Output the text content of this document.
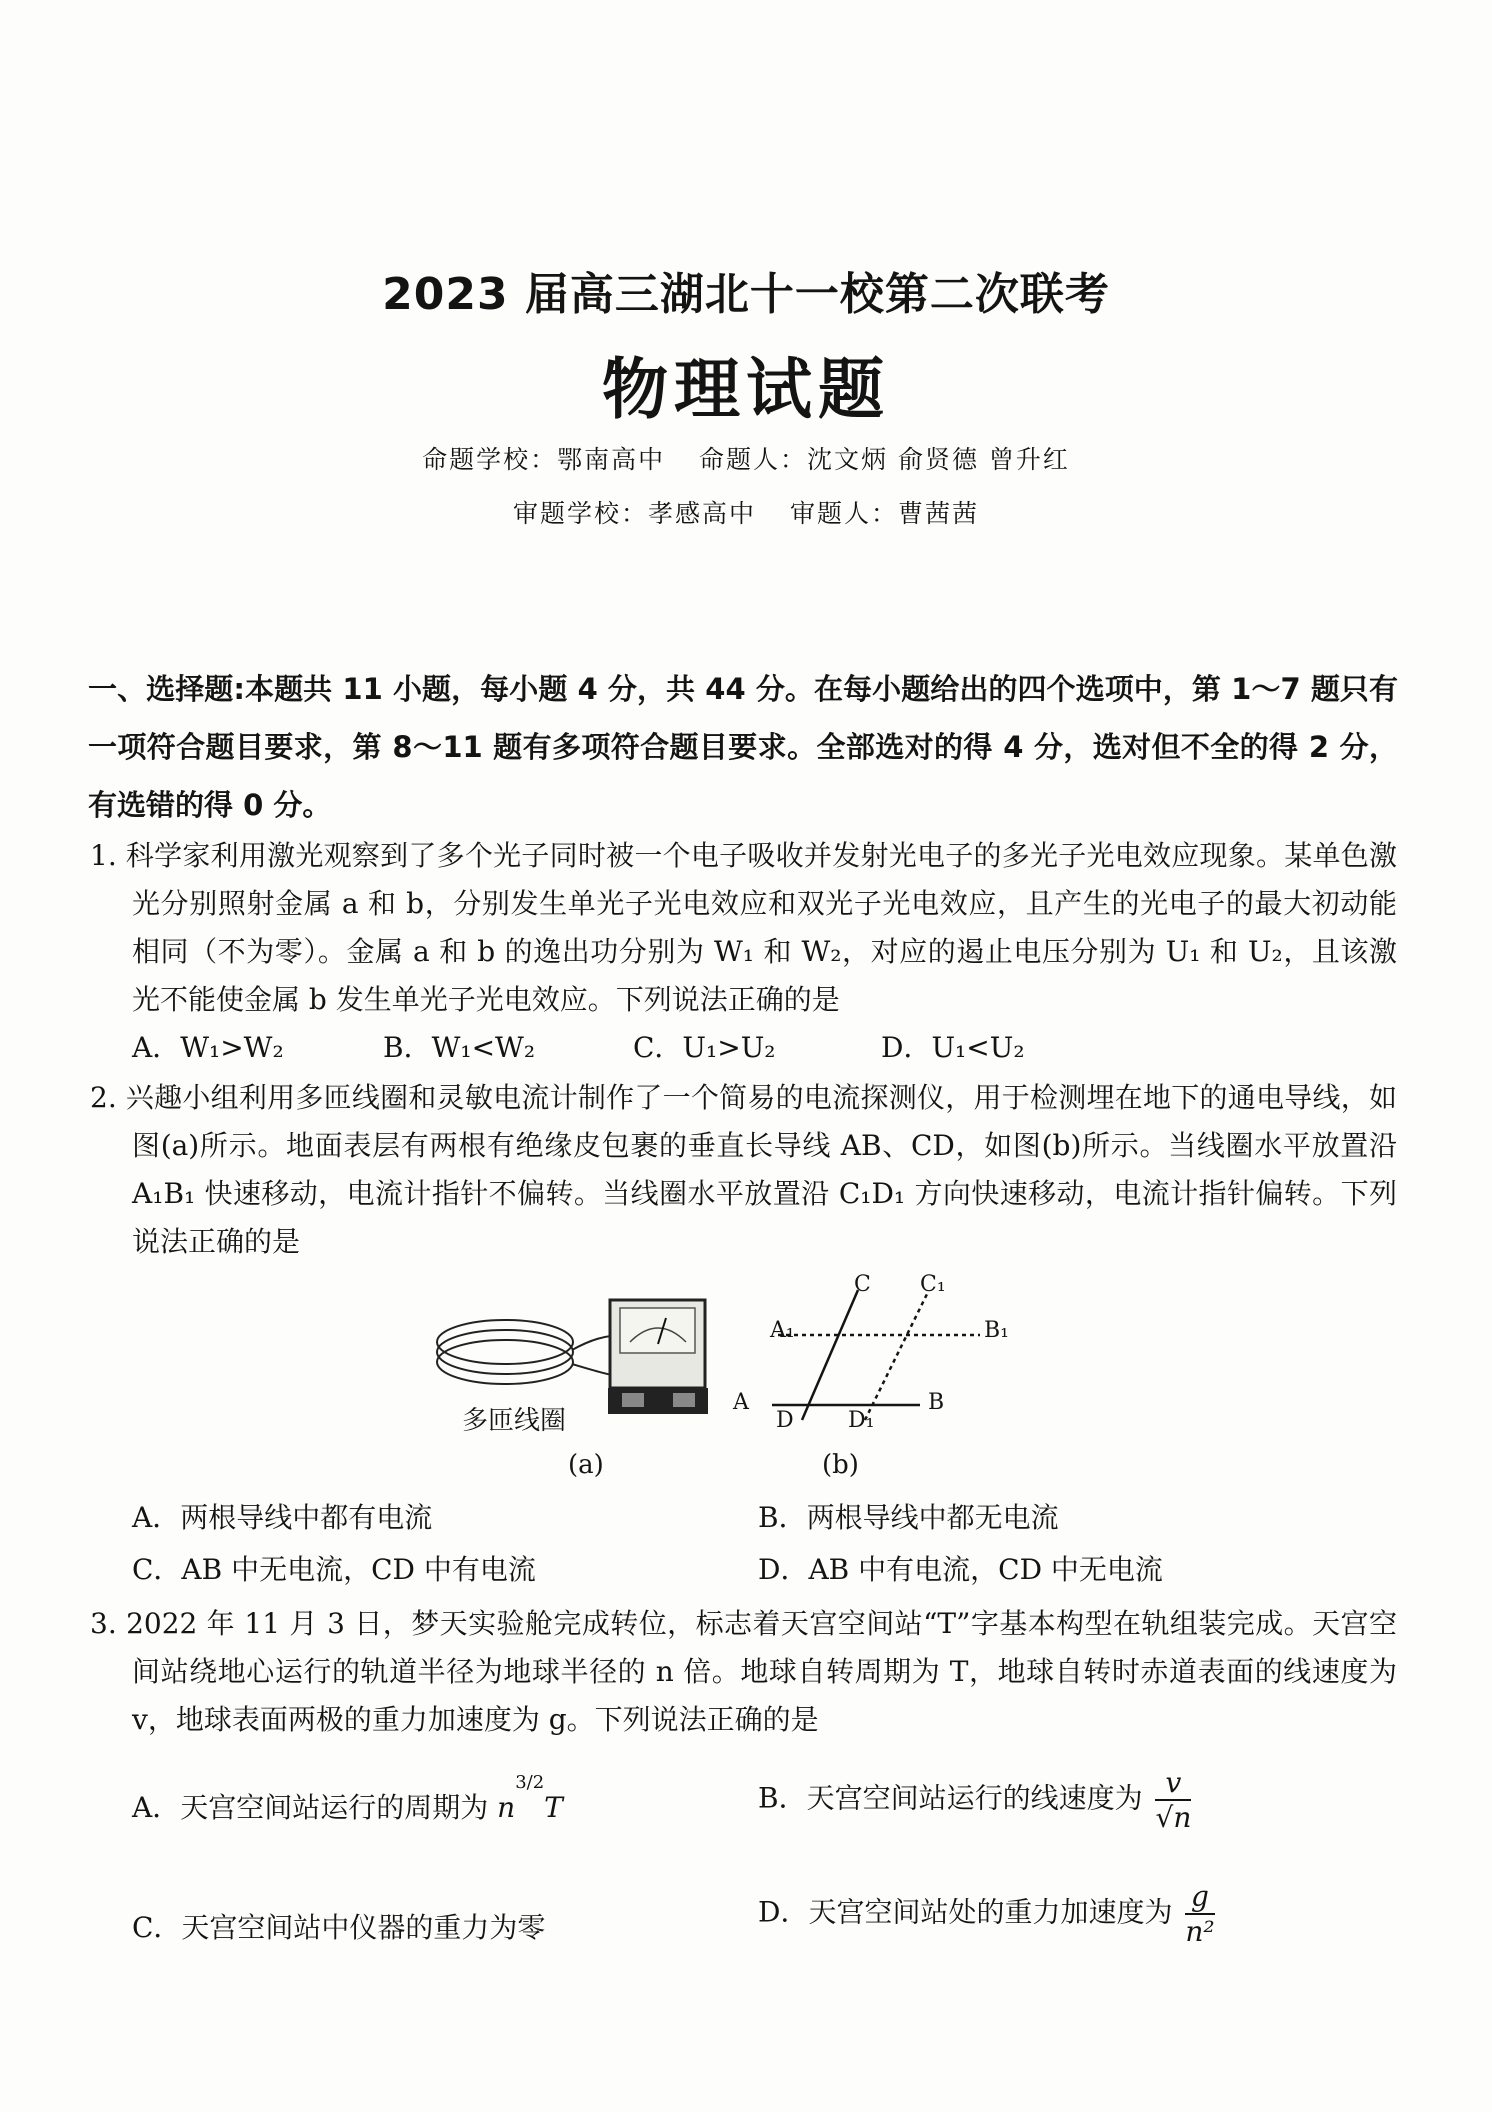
2023 届高三湖北十一校第二次联考
物理试题
命题学校：鄂南高中 命题人：沈文炳 俞贤德 曾升红
审题学校：孝感高中 审题人：曹茜茜
一、选择题:本题共 11 小题，每小题 4 分，共 44 分。在每小题给出的四个选项中，第 1～7 题只有一项符合题目要求，第 8～11 题有多项符合题目要求。全部选对的得 4 分，选对但不全的得 2 分，有选错的得 0 分。
1. 科学家利用激光观察到了多个光子同时被一个电子吸收并发射光电子的多光子光电效应现象。某单色激光分别照射金属 a 和 b，分别发生单光子光电效应和双光子光电效应，且产生的光电子的最大初动能相同（不为零）。金属 a 和 b 的逸出功分别为 W₁ 和 W₂，对应的遏止电压分别为 U₁ 和 U₂，且该激光不能使金属 b 发生单光子光电效应。下列说法正确的是
A．W₁>W₂	B．W₁<W₂	C．U₁>U₂	D．U₁<U₂
2. 兴趣小组利用多匝线圈和灵敏电流计制作了一个简易的电流探测仪，用于检测埋在地下的通电导线，如图(a)所示。地面表层有两根有绝缘皮包裹的垂直长导线 AB、CD，如图(b)所示。当线圈水平放置沿 A₁B₁ 快速移动，电流计指针不偏转。当线圈水平放置沿 C₁D₁ 方向快速移动，电流计指针偏转。下列说法正确的是
多匝线圈
(a)
C C₁
A₁	B₁
A	B
D D₁
(b)
A．两根导线中都有电流	B．两根导线中都无电流
C．AB 中无电流，CD 中有电流	D．AB 中有电流，CD 中无电流
3. 2022 年 11 月 3 日，梦天实验舱完成转位，标志着天宫空间站“T”字基本构型在轨组装完成。天宫空间站绕地心运行的轨道半径为地球半径的 n 倍。地球自转周期为 T，地球自转时赤道表面的线速度为 v，地球表面两极的重力加速度为 g。下列说法正确的是
A．天宫空间站运行的周期为 $n^{3/2}T$	B．天宫空间站运行的线速度为 $\frac{v}{√n}$
C．天宫空间站中仪器的重力为零	D．天宫空间站处的重力加速度为 $\frac{g}{\text{n²}}$
